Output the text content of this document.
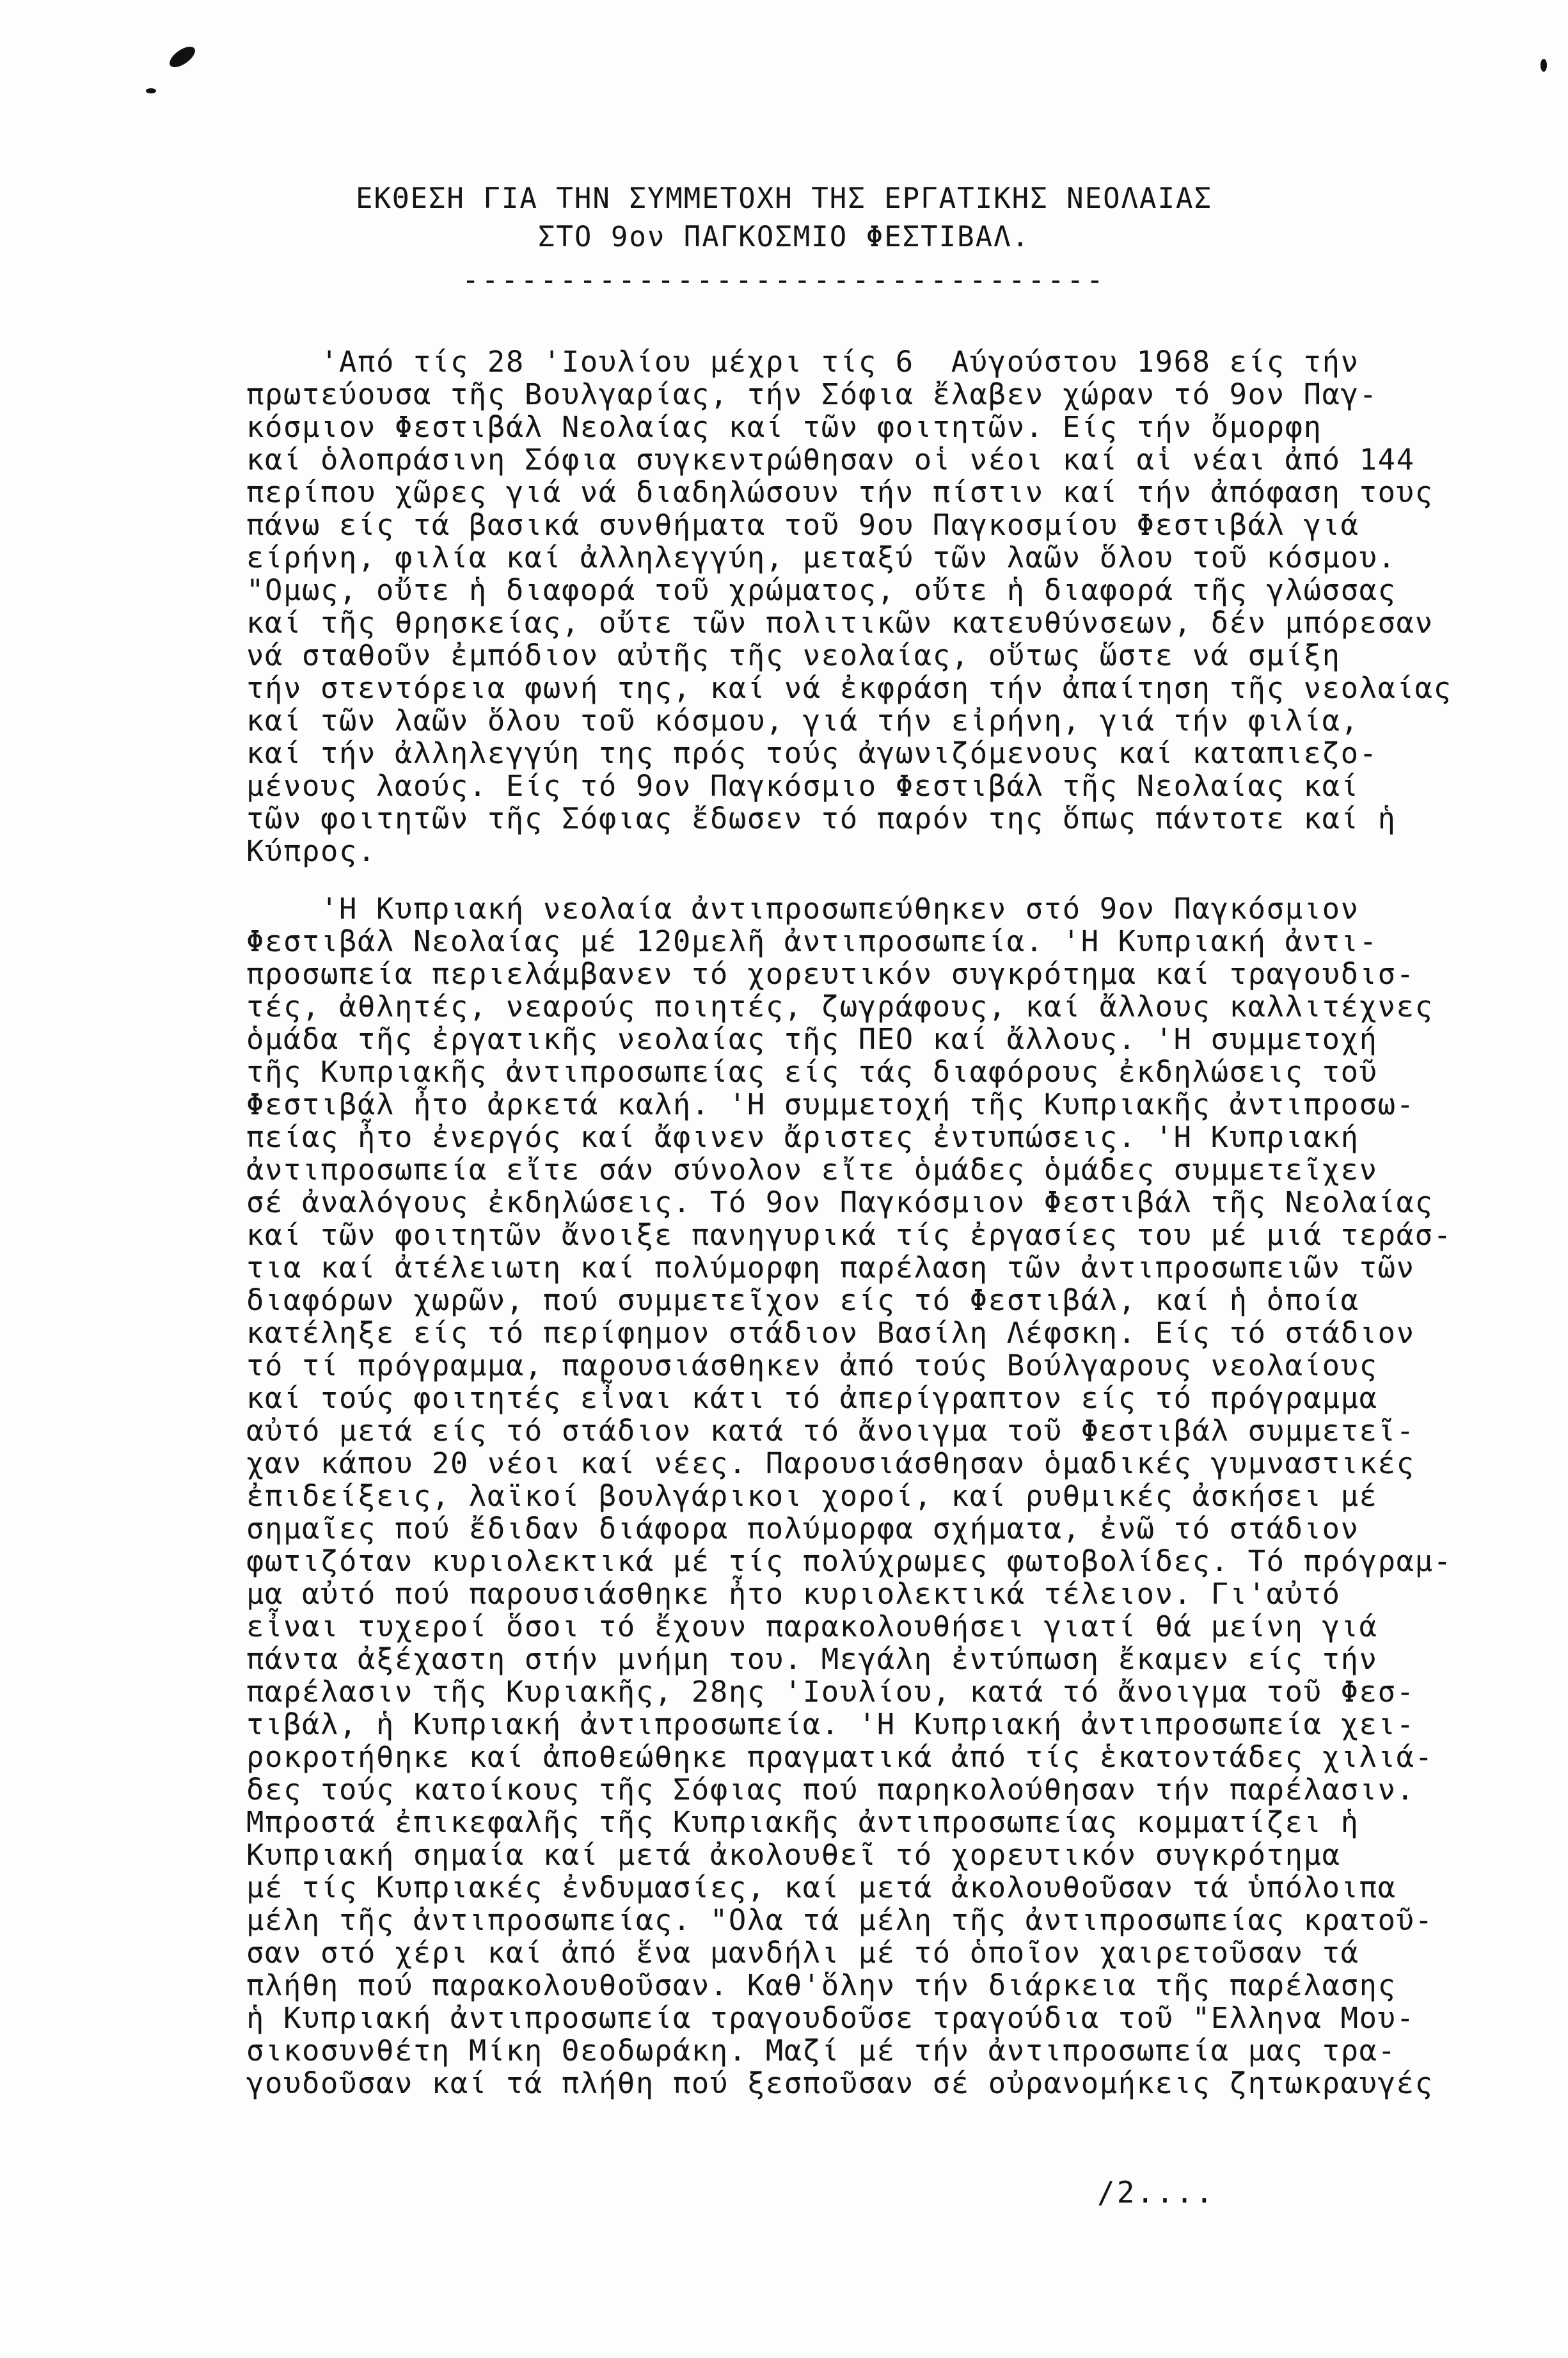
ΕΚΘΕΣΗ ΓΙΑ ΤΗΝ ΣΥΜΜΕΤΟΧΗ ΤΗΣ ΕΡΓΑΤΙΚΗΣ ΝΕΟΛΑΙΑΣ
ΣΤΟ 9ον ΠΑΓΚΟΣΜΙΟ ΦΕΣΤΙΒΑΛ.
---------------------------------
'Από τίς 28 'Ιουλίου μέχρι τίς 6  Αύγούστου 1968 είς τήν
πρωτεύουσα τῆς Βουλγαρίας, τήν Σόφια ἔλαβεν χώραν τό 9ον Παγ-
κόσμιον Φεστιβάλ Νεολαίας καί τῶν φοιτητῶν. Είς τήν ὄμορφη
καί ὁλοπράσινη Σόφια συγκεντρώθησαν οἱ νέοι καί αἱ νέαι ἀπό 144
περίπου χῶρες γιά νά διαδηλώσουν τήν πίστιν καί τήν ἀπόφαση τους
πάνω είς τά βασικά συνθήματα τοῦ 9ου Παγκοσμίου Φεστιβάλ γιά
είρήνη, φιλία καί ἀλληλεγγύη, μεταξύ τῶν λαῶν ὅλου τοῦ κόσμου.
"Ομως, οὔτε ἡ διαφορά τοῦ χρώματος, οὔτε ἡ διαφορά τῆς γλώσσας
καί τῆς θρησκείας, οὔτε τῶν πολιτικῶν κατευθύνσεων, δέν μπόρεσαν
νά σταθοῦν ἐμπόδιον αὐτῆς τῆς νεολαίας, οὕτως ὥστε νά σμίξη
τήν στεντόρεια φωνή της, καί νά ἐκφράση τήν ἀπαίτηση τῆς νεολαίας
καί τῶν λαῶν ὅλου τοῦ κόσμου, γιά τήν εἰρήνη, γιά τήν φιλία,
καί τήν ἀλληλεγγύη της πρός τούς ἀγωνιζόμενους καί καταπιεζο-
μένους λαούς. Είς τό 9ον Παγκόσμιο Φεστιβάλ τῆς Νεολαίας καί
τῶν φοιτητῶν τῆς Σόφιας ἔδωσεν τό παρόν της ὅπως πάντοτε καί ἡ
Κύπρος.
'Η Κυπριακή νεολαία ἀντιπροσωπεύθηκεν στό 9ον Παγκόσμιον
Φεστιβάλ Νεολαίας μέ 120μελῆ ἀντιπροσωπεία. 'Η Κυπριακή ἀντι-
προσωπεία περιελάμβανεν τό χορευτικόν συγκρότημα καί τραγουδισ-
τές, ἀθλητές, νεαρούς ποιητές, ζωγράφους, καί ἄλλους καλλιτέχνες
ὁμάδα τῆς ἐργατικῆς νεολαίας τῆς ΠΕΟ καί ἄλλους. 'Η συμμετοχή
τῆς Κυπριακῆς ἀντιπροσωπείας είς τάς διαφόρους ἐκδηλώσεις τοῦ
Φεστιβάλ ἦτο ἀρκετά καλή. 'Η συμμετοχή τῆς Κυπριακῆς ἀντιπροσω-
πείας ἦτο ἐνεργός καί ἄφινεν ἄριστες ἐντυπώσεις. 'Η Κυπριακή
ἀντιπροσωπεία εἴτε σάν σύνολον εἴτε ὁμάδες ὁμάδες συμμετεῖχεν
σέ ἀναλόγους ἐκδηλώσεις. Τό 9ον Παγκόσμιον Φεστιβάλ τῆς Νεολαίας
καί τῶν φοιτητῶν ἄνοιξε πανηγυρικά τίς ἐργασίες του μέ μιά τεράσ-
τια καί ἀτέλειωτη καί πολύμορφη παρέλαση τῶν ἀντιπροσωπειῶν τῶν
διαφόρων χωρῶν, πού συμμετεῖχον είς τό Φεστιβάλ, καί ἡ ὁποία
κατέληξε είς τό περίφημον στάδιον Βασίλη Λέφσκη. Είς τό στάδιον
τό τί πρόγραμμα, παρουσιάσθηκεν ἀπό τούς Βούλγαρους νεολαίους
καί τούς φοιτητές εἶναι κάτι τό ἀπερίγραπτον είς τό πρόγραμμα
αὐτό μετά είς τό στάδιον κατά τό ἄνοιγμα τοῦ Φεστιβάλ συμμετεῖ-
χαν κάπου 20 νέοι καί νέες. Παρουσιάσθησαν ὁμαδικές γυμναστικές
ἐπιδείξεις, λαϊκοί βουλγάρικοι χοροί, καί ρυθμικές ἀσκήσει μέ
σημαῖες πού ἔδιδαν διάφορα πολύμορφα σχήματα, ἐνῶ τό στάδιον
φωτιζόταν κυριολεκτικά μέ τίς πολύχρωμες φωτοβολίδες. Τό πρόγραμ-
μα αὐτό πού παρουσιάσθηκε ἦτο κυριολεκτικά τέλειον. Γι'αὐτό
εἶναι τυχεροί ὅσοι τό ἔχουν παρακολουθήσει γιατί θά μείνη γιά
πάντα ἀξέχαστη στήν μνήμη του. Μεγάλη ἐντύπωση ἔκαμεν είς τήν
παρέλασιν τῆς Κυριακῆς, 28ης 'Ιουλίου, κατά τό ἄνοιγμα τοῦ Φεσ-
τιβάλ, ἡ Κυπριακή ἀντιπροσωπεία. 'Η Κυπριακή ἀντιπροσωπεία χει-
ροκροτήθηκε καί ἀποθεώθηκε πραγματικά ἀπό τίς ἑκατοντάδες χιλιά-
δες τούς κατοίκους τῆς Σόφιας πού παρηκολούθησαν τήν παρέλασιν.
Μπροστά ἐπικεφαλῆς τῆς Κυπριακῆς ἀντιπροσωπείας κομματίζει ἡ
Κυπριακή σημαία καί μετά ἀκολουθεῖ τό χορευτικόν συγκρότημα
μέ τίς Κυπριακές ἐνδυμασίες, καί μετά ἀκολουθοῦσαν τά ὑπόλοιπα
μέλη τῆς ἀντιπροσωπείας. "Ολα τά μέλη τῆς ἀντιπροσωπείας κρατοῦ-
σαν στό χέρι καί ἀπό ἕνα μανδήλι μέ τό ὁποῖον χαιρετοῦσαν τά
πλήθη πού παρακολουθοῦσαν. Καθ'ὅλην τήν διάρκεια τῆς παρέλασης
ἡ Κυπριακή ἀντιπροσωπεία τραγουδοῦσε τραγούδια τοῦ "Ελληνα Μου-
σικοσυνθέτη Μίκη Θεοδωράκη. Μαζί μέ τήν ἀντιπροσωπεία μας τρα-
γουδοῦσαν καί τά πλήθη πού ξεσποῦσαν σέ οὐρανομήκεις ζητωκραυγές
/2....
